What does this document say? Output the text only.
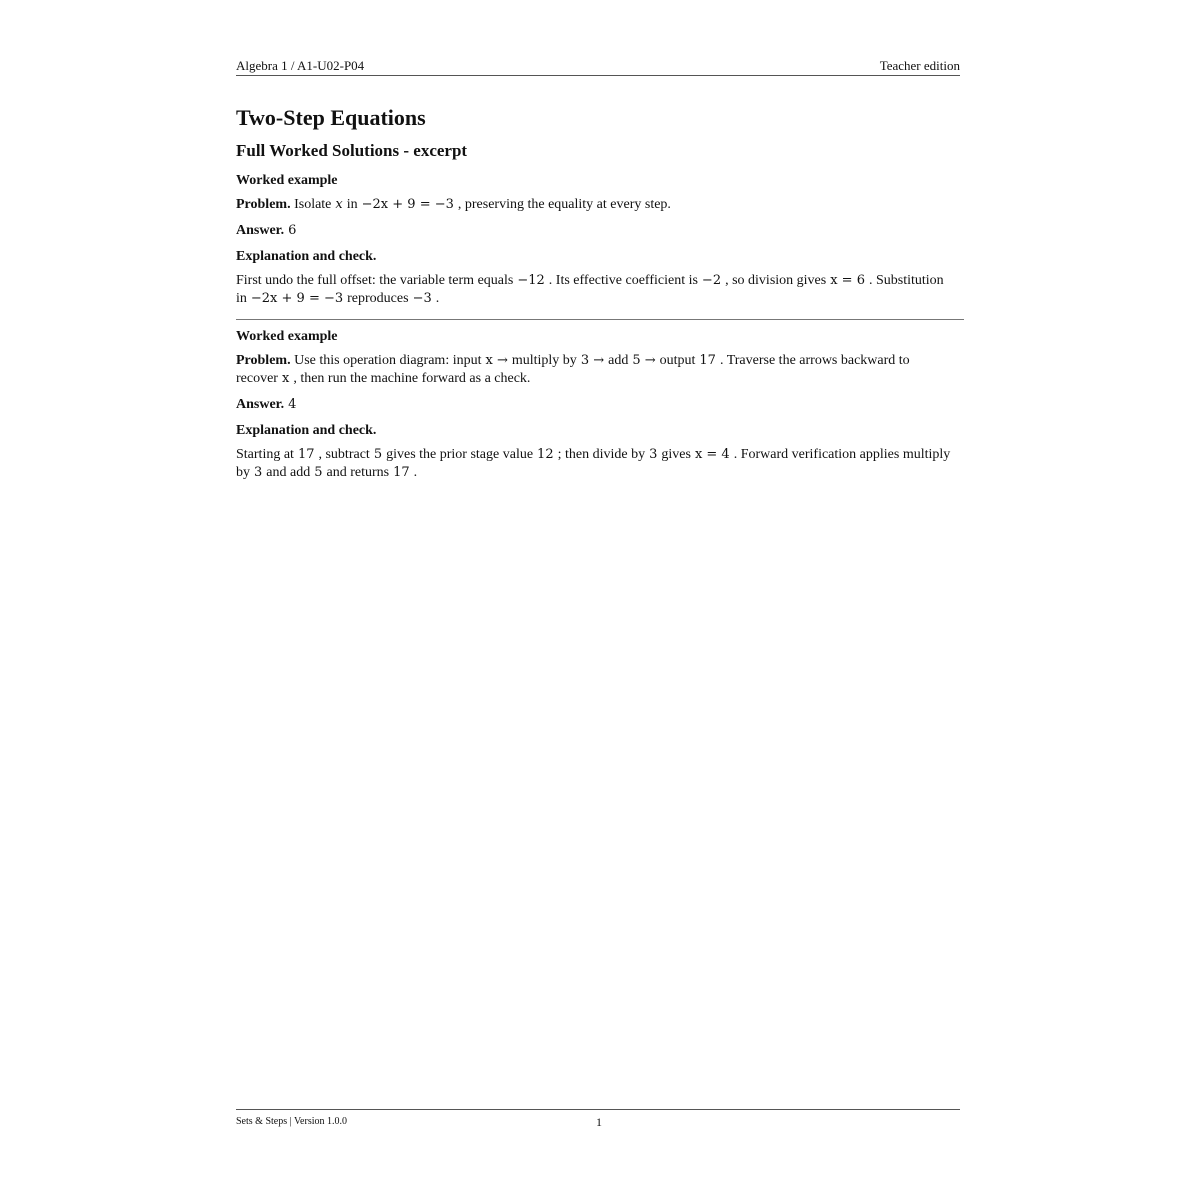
Algebra 1 / A1-U02-P04	Teacher edition
Two-Step Equations
Full Worked Solutions - excerpt
Worked example

Problem. Isolate x in −2x + 9 = −3 , preserving the equality at every step.

Answer. 6

Explanation and check.

First undo the full offset: the variable term equals −12 . Its effective coefficient is −2 , so division gives x = 6 . Substitution in −2x + 9 = −3 reproduces −3 .

Worked example

Problem. Use this operation diagram: input x → multiply by 3 → add 5 → output 17 . Traverse the arrows backward to recover x , then run the machine forward as a check.

Answer. 4

Explanation and check.

Starting at 17 , subtract 5 gives the prior stage value 12 ; then divide by 3 gives x = 4 . Forward verification applies multiply by 3 and add 5 and returns 17 .

Sets & Steps | Version 1.0.0	1
